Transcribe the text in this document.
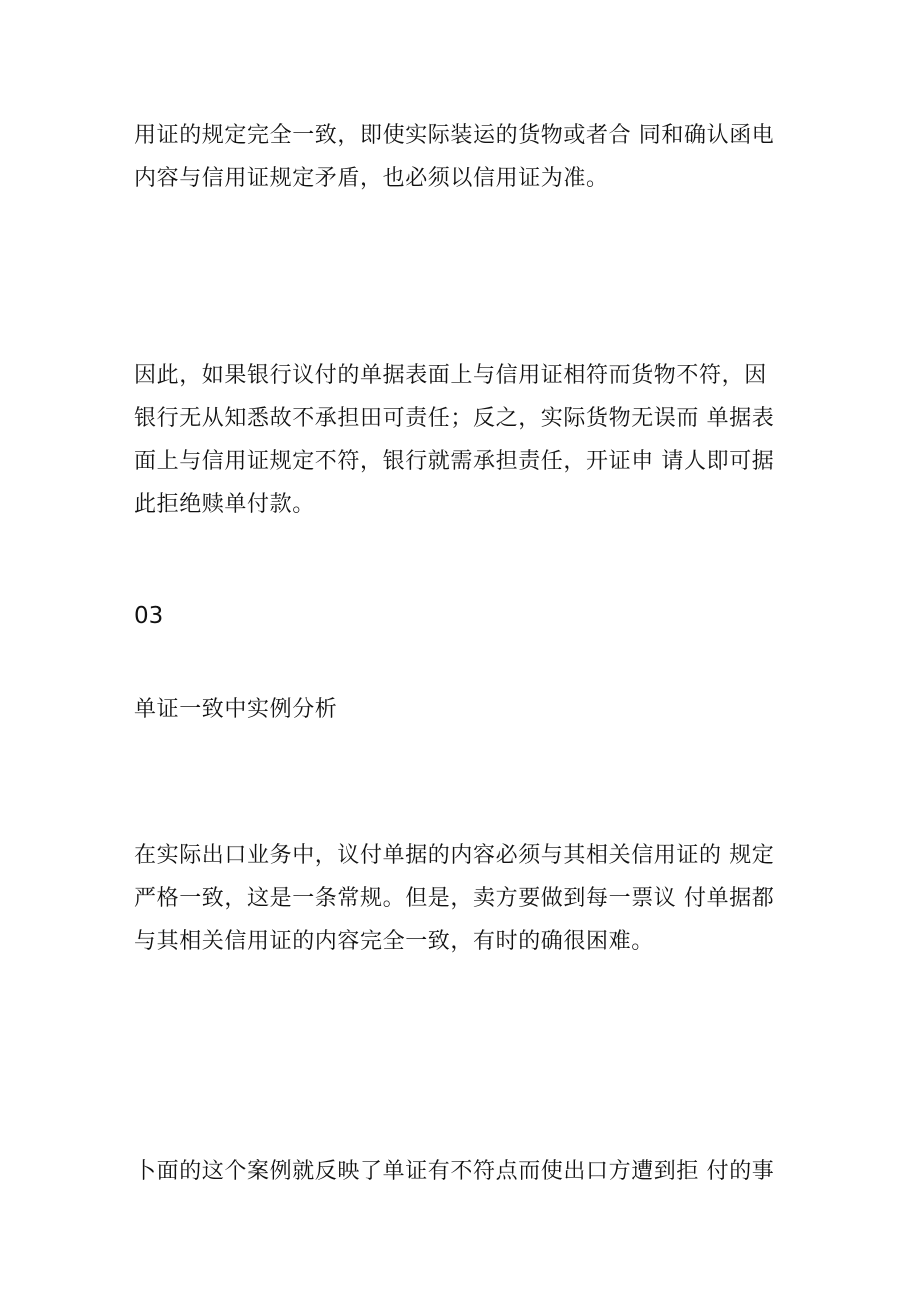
用证的规定完全一致，即使实际装运的货物或者合 同和确认函电
内容与信用证规定矛盾，也必须以信用证为准。

因此，如果银行议付的单据表面上与信用证相符而货物不符，因
银行无从知悉故不承担田可责任；反之，实际货物无误而 单据表
面上与信用证规定不符，银行就需承担责任，开证申 请人即可据
此拒绝赎单付款。

03
单证一致中实例分析

在实际出口业务中，议付单据的内容必须与其相关信用证的 规定
严格一致，这是一条常规。但是，卖方要做到每一票议 付单据都
与其相关信用证的内容完全一致，有时的确很困难。

卜面的这个案例就反映了单证有不符点而使出口方遭到拒 付的事
